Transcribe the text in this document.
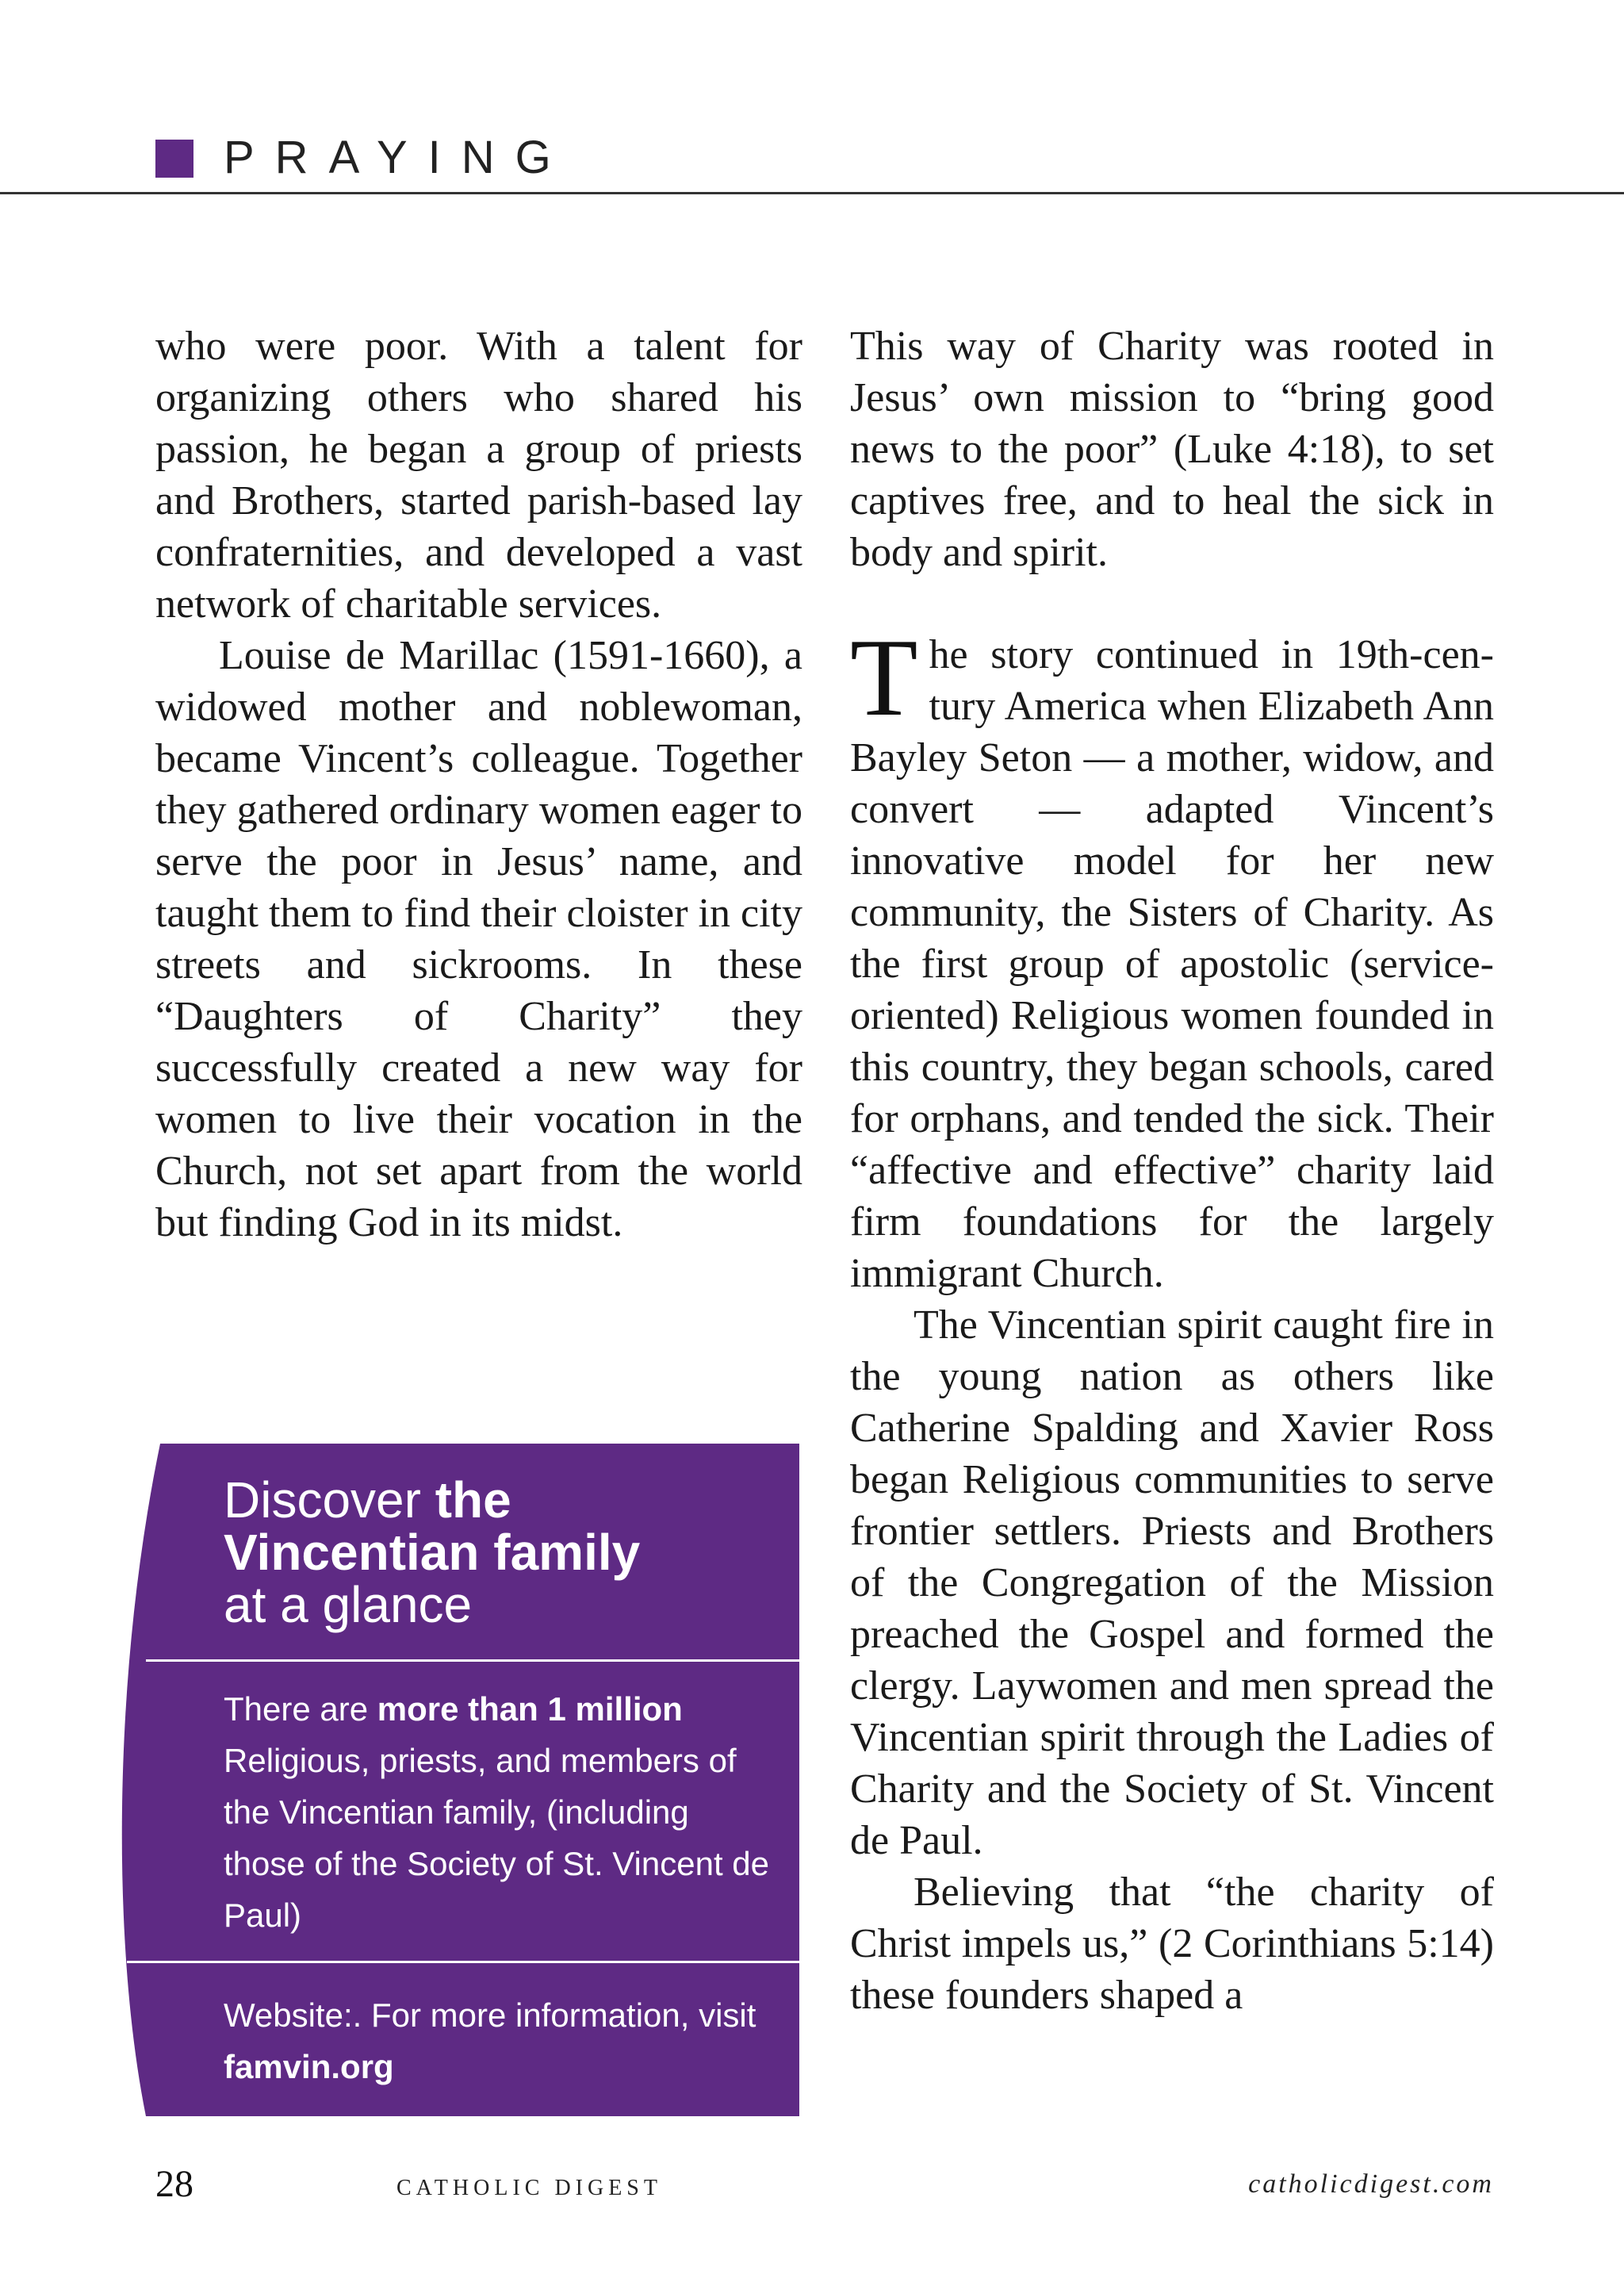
PRAYING

who were poor. With a talent for organizing others who shared his passion, he began a group of priests and Brothers, started parish-based lay confraternities, and developed a vast network of charitable services.

Louise de Marillac (1591-1660), a widowed mother and noblewoman, became Vincent’s colleague. Together they gathered ordinary women eager to serve the poor in Jesus’ name, and taught them to find their cloister in city streets and sickrooms. In these “Daughters of Charity” they successfully created a new way for women to live their vocation in the Church, not set apart from the world but finding God in its midst.

This way of Charity was rooted in Jesus’ own mission to “bring good news to the poor” (Luke 4:18), to set captives free, and to heal the sick in body and spirit.

The story continued in 19th-century America when Elizabeth Ann Bayley Seton — a mother, widow, and convert — adapted Vincent’s innovative model for her new community, the Sisters of Charity. As the first group of apostolic (service-oriented) Religious women founded in this country, they began schools, cared for orphans, and tended the sick. Their “affective and effective” charity laid firm foundations for the largely immigrant Church.

The Vincentian spirit caught fire in the young nation as others like Catherine Spalding and Xavier Ross began Religious communities to serve frontier settlers. Priests and Brothers of the Congregation of the Mission preached the Gospel and formed the clergy. Laywomen and men spread the Vincentian spirit through the Ladies of Charity and the Society of St. Vincent de Paul.

Believing that “the charity of Christ impels us,” (2 Corinthians 5:14) these founders shaped a

Discover the
Vincentian family
at a glance
There are more than 1 million Religious, priests, and members of the Vincentian family, (including those of the Society of St. Vincent de Paul)
Website:. For more information, visit famvin.org
28	CATHOLIC DIGEST	catholicdigest.com
